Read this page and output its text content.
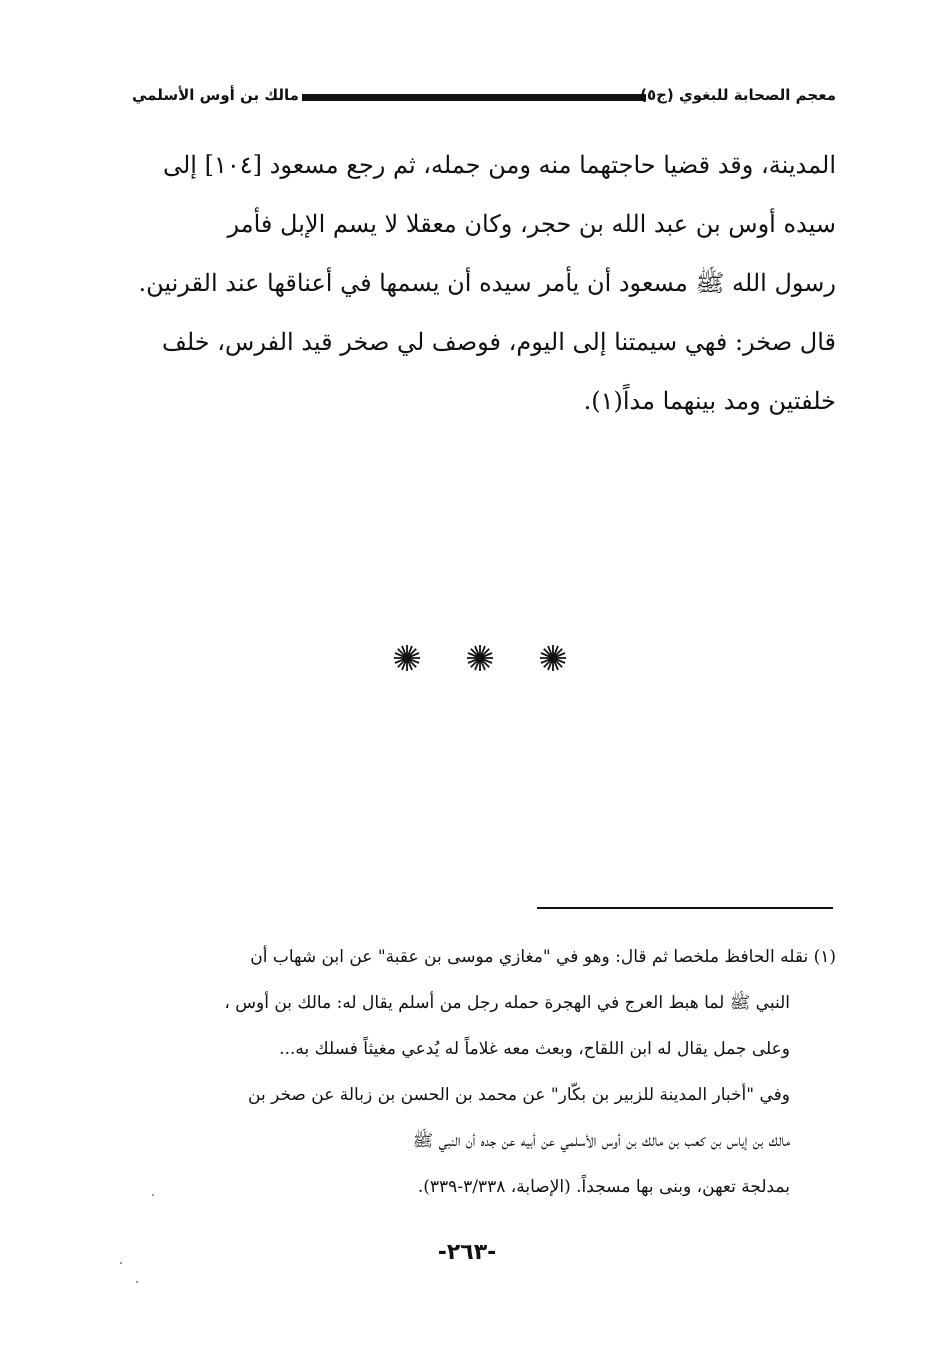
معجم الصحابة للبغوي (ج٥
مالك بن أوس الأسلمي
المدينة، وقد قضيا حاجتهما منه ومن جمله، ثم رجع مسعود [١٠٤] إلى
سيده أوس بن عبد الله بن حجر، وكان معقلا لا يسم الإبل فأمر
رسول الله ﷺ مسعود أن يأمر سيده أن يسمها في أعناقها عند القرنين.
قال صخر: فهي سيمتنا إلى اليوم، فوصف لي صخر قيد الفرس، خلف
خلفتين ومد بينهما مداً(١).
(١) نقله الحافظ ملخصا ثم قال: وهو في "مغازي موسى بن عقبة" عن ابن شهاب أن
النبي ﷺ لما هبط العرج في الهجرة حمله رجل من أسلم يقال له: مالك بن أوس ،
وعلى جمل يقال له ابن اللقاح، وبعث معه غلاماً له يُدعي مغيثاً فسلك به...
وفي "أخبار المدينة للزبير بن بكّار" عن محمد بن الحسن بن زبالة عن صخر بن
مالك بن إياس بن كعب بن مالك بن أوس الأسلمي عن أبيه عن جده أن النبي ﷺ
بمدلجة تعهن، وبنى بها مسجداً. (الإصابة، ٣/٣٣٨-٣٣٩).
-٢٦٣-
